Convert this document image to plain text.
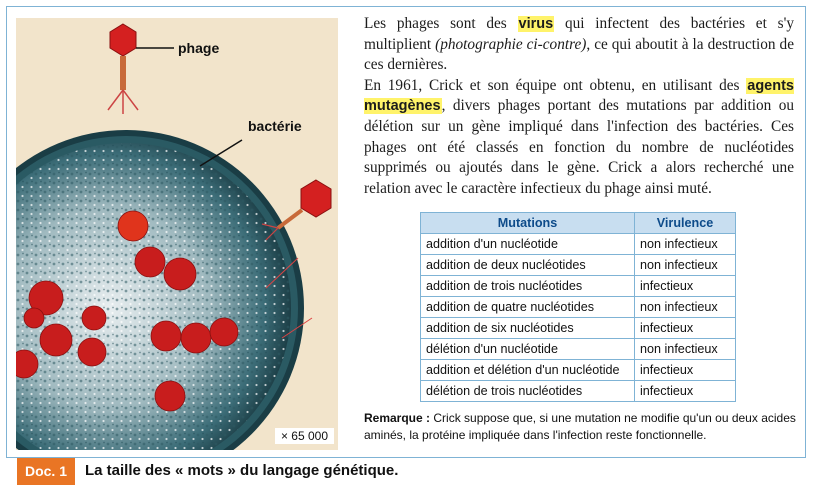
× 65 000
phage
bactérie

Les phages sont des virus qui infectent des bactéries et s'y multiplient (photographie ci-contre), ce qui aboutit à la destruction de ces dernières.

En 1961, Crick et son équipe ont obtenu, en utilisant des agents mutagènes, divers phages portant des mutations par addition ou délétion sur un gène impliqué dans l'infection des bactéries. Ces phages ont été classés en fonction du nombre de nucléotides supprimés ou ajoutés dans le gène. Crick a alors recherché une relation avec le caractère infectieux du phage ainsi muté.

Mutations	Virulence
addition d'un nucléotide	non infectieux
addition de deux nucléotides	non infectieux
addition de trois nucléotides	infectieux
addition de quatre nucléotides	non infectieux
addition de six nucléotides	infectieux
délétion d'un nucléotide	non infectieux
addition et délétion d'un nucléotide	infectieux
délétion de trois nucléotides	infectieux
Remarque : Crick suppose que, si une mutation ne modifie qu'un ou deux acides aminés, la protéine impliquée dans l'infection reste fonctionnelle.
Doc. 1	La taille des « mots » du langage génétique.
